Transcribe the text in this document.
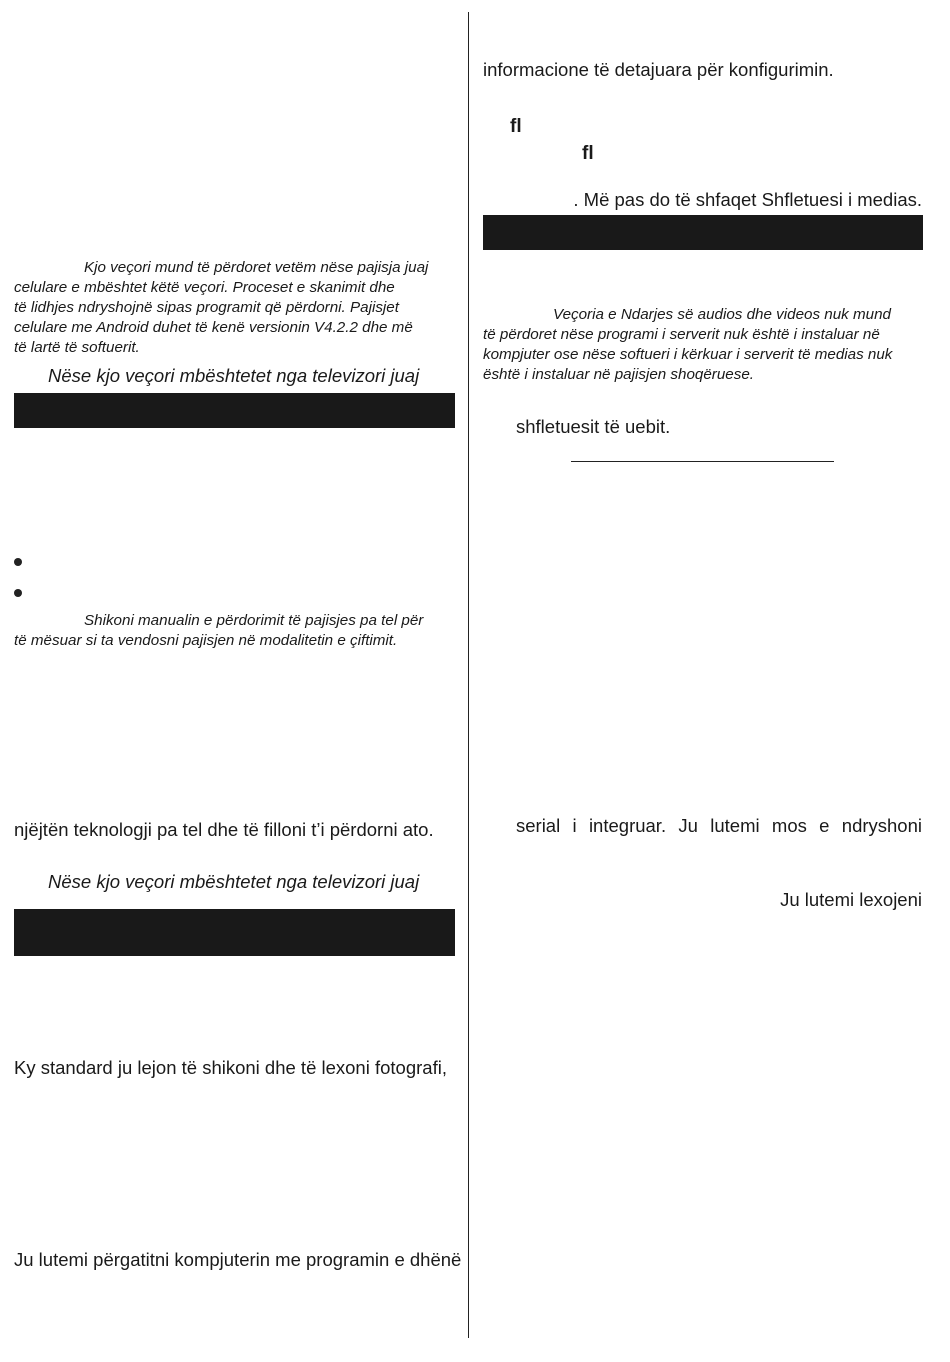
Kjo veçori mund të përdoret vetëm nëse pajisja juaj
celulare e mbështet këtë veçori. Proceset e skanimit dhe
të lidhjes ndryshojnë sipas programit që përdorni. Pajisjet
celulare me Android duhet të kenë versionin V4.2.2 dhe më
të lartë të softuerit.

Nëse kjo veçori mbështetet nga televizori juaj

Shikoni manualin e përdorimit të pajisjes pa tel për
të mësuar si ta vendosni pajisjen në modalitetin e çiftimit.

njëjtën teknologji pa tel dhe të filloni t’i përdorni ato.

Nëse kjo veçori mbështetet nga televizori juaj

Ky standard ju lejon të shikoni dhe të lexoni fotografi,

Ju lutemi përgatitni kompjuterin me programin e dhënë

informacione të detajuara për konfigurimin.

fl

fl

. Më pas do të shfaqet Shfletuesi i medias.

Veçoria e Ndarjes së audios dhe videos nuk mund
të përdoret nëse programi i serverit nuk është i instaluar në
kompjuter ose nëse softueri i kërkuar i serverit të medias nuk
është i instaluar në pajisjen shoqëruese.

shfletuesit të uebit.

serial i integruar. Ju lutemi mos e ndryshoni

Ju lutemi lexojeni
